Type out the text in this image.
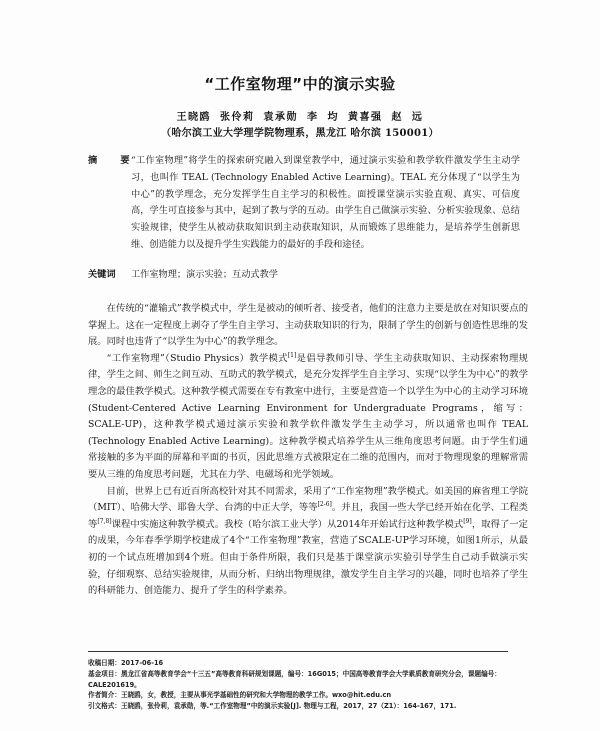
“工作室物理”中的演示实验
王晓鸥 张伶莉 袁承勋 李 均 黄喜强 赵 远
（哈尔滨工业大学理学院物理系，黑龙江 哈尔滨 150001）
摘 要
“工作室物理”将学生的探索研究融入到课堂教学中，通过演示实验和教学软件激发学生主动学习，也叫作 TEAL (Technology Enabled Active Learning)。TEAL 充分体现了“以学生为中心”的教学理念，充分发挥学生自主学习的积极性。面授课堂演示实验直观、真实、可信度高，学生可直接参与其中，起到了教与学的互动。由学生自己做演示实验、分析实验现象、总结实验规律，使学生从被动获取知识到主动获取知识，从而锻炼了思维能力，是培养学生创新思维、创造能力以及提升学生实践能力的最好的手段和途径。
关键词 工作室物理；演示实验；互动式教学

在传统的“灌输式”教学模式中，学生是被动的倾听者、接受者，他们的注意力主要是放在对知识要点的掌握上。这在一定程度上剥夺了学生自主学习、主动获取知识的行为，限制了学生的创新与创造性思维的发展。同时也违背了“以学生为中心”的教学理念。

“工作室物理”（Studio Physics）教学模式[1]是倡导教师引导、学生主动获取知识、主动探索物理规律，学生之间、师生之间互动、互助式的教学模式，是充分发挥学生自主学习、实现“以学生为中心”的教学理念的最佳教学模式。这种教学模式需要在专有教室中进行，主要是营造一个以学生为中心的主动学习环境(Student-Centered Active Learning Environment for Undergraduate Programs，缩写：SCALE-UP)，这种教学模式通过演示实验和教学软件激发学生主动学习，所以通常也叫作 TEAL (Technology Enabled Active Learning)。这种教学模式培养学生从三维角度思考问题。由于学生们通常接触的多为平面的屏幕和平面的书页，因此思维方式被限定在二维的范围内，而对于物理现象的理解常需要从三维的角度思考问题，尤其在力学、电磁场和光学领域。

目前，世界上已有近百所高校针对其不同需求，采用了“工作室物理”教学模式。如美国的麻省理工学院（MIT）、哈佛大学、耶鲁大学、台湾的中正大学，等等[2-6]。并且，我国一些大学已经开始在化学、工程类等[7,8]课程中实施这种教学模式。我校（哈尔滨工业大学）从2014年开始试行这种教学模式[9]，取得了一定的成果，今年春季学期学校建成了4个“工作室物理”教室，营造了SCALE-UP学习环境，如图1所示，从最初的一个试点班增加到4个班。但由于条件所限，我们只是基于课堂演示实验引导学生自己动手做演示实验，仔细观察、总结实验规律，从而分析、归纳出物理规律，激发学生自主学习的兴趣，同时也培养了学生的科研能力、创造能力、提升了学生的科学素养。

收稿日期：2017-06-16
基金项目：黑龙江省高等教育学会“十三五”高等教育科研规划课题，编号：16G015；中国高等教育学会大学素质教育研究分会，课题编号：CALE201619。
作者简介：王晓鸥，女，教授，主要从事光学基础性的研究和大学物理的教学工作。wxo@hit.edu.cn
引文格式：王晓鸥，张伶莉，袁承勋，等.“工作室物理”中的演示实验[J]. 物理与工程，2017，27（Z1）：164-167，171.
